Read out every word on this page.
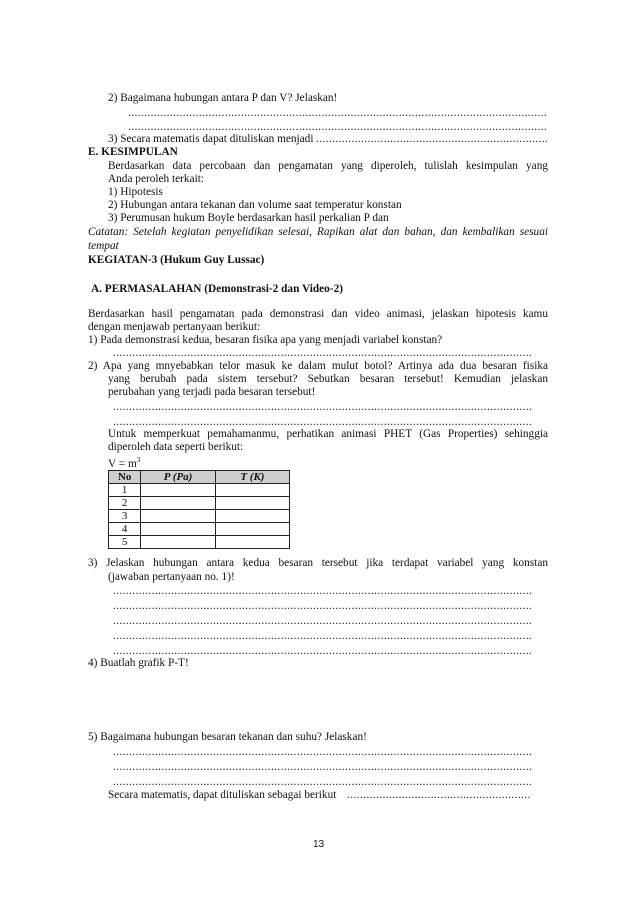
2) Bagaimana hubungan antara P dan V? Jelaskan!
.....
.....
3) Secara matematis dapat dituliskan menjadi
.....
E. KESIMPULAN
Berdasarkan data percobaan dan pengamatan yang diperoleh, tulislah kesimpulan yang
Anda peroleh terkait:
1) Hipotesis
2) Hubungan antara tekanan dan volume saat temperatur konstan
3) Perumusan hukum Boyle berdasarkan hasil perkalian P dan
Catatan: Setelah kegiatan penyelidikan selesai, Rapikan alat dan bahan, dan kembalikan sesuai
tempat
KEGIATAN-3 (Hukum Guy Lussac)
A. PERMASALAHAN (Demonstrasi-2 dan Video-2)
Berdasarkan hasil pengamatan pada demonstrasi dan video animasi, jelaskan hipotesis kamu
dengan menjawab pertanyaan berikut:
1) Pada demonstrasi kedua, besaran fisika apa yang menjadi variabel konstan?
.....
2) Apa yang mnyebabkan telor masuk ke dalam mulut botol? Artinya ada dua besaran fisika
yang berubah pada sistem tersebut? Sebutkan besaran tersebut! Kemudian jelaskan
perubahan yang terjadi pada besaran tersebut!
.....
.....
Untuk memperkuat pemahamanmu, perhatikan animasi PHET (Gas Properties) sehinggia
diperoleh data seperti berikut:
$V = m^3$
No	P (Pa)	T (K)
1		
2		
3		
4		
5		
3) Jelaskan hubungan antara kedua besaran tersebut jika terdapat variabel yang konstan
(jawaban pertanyaan no. 1)!
.....
.....
.....
.....
.....
4) Buatlah grafik P-T!
5) Bagaimana hubungan besaran tekanan dan suhu? Jelaskan!
.....
.....
.....
Secara matematis, dapat dituliskan sebagai berikut
.....
13
